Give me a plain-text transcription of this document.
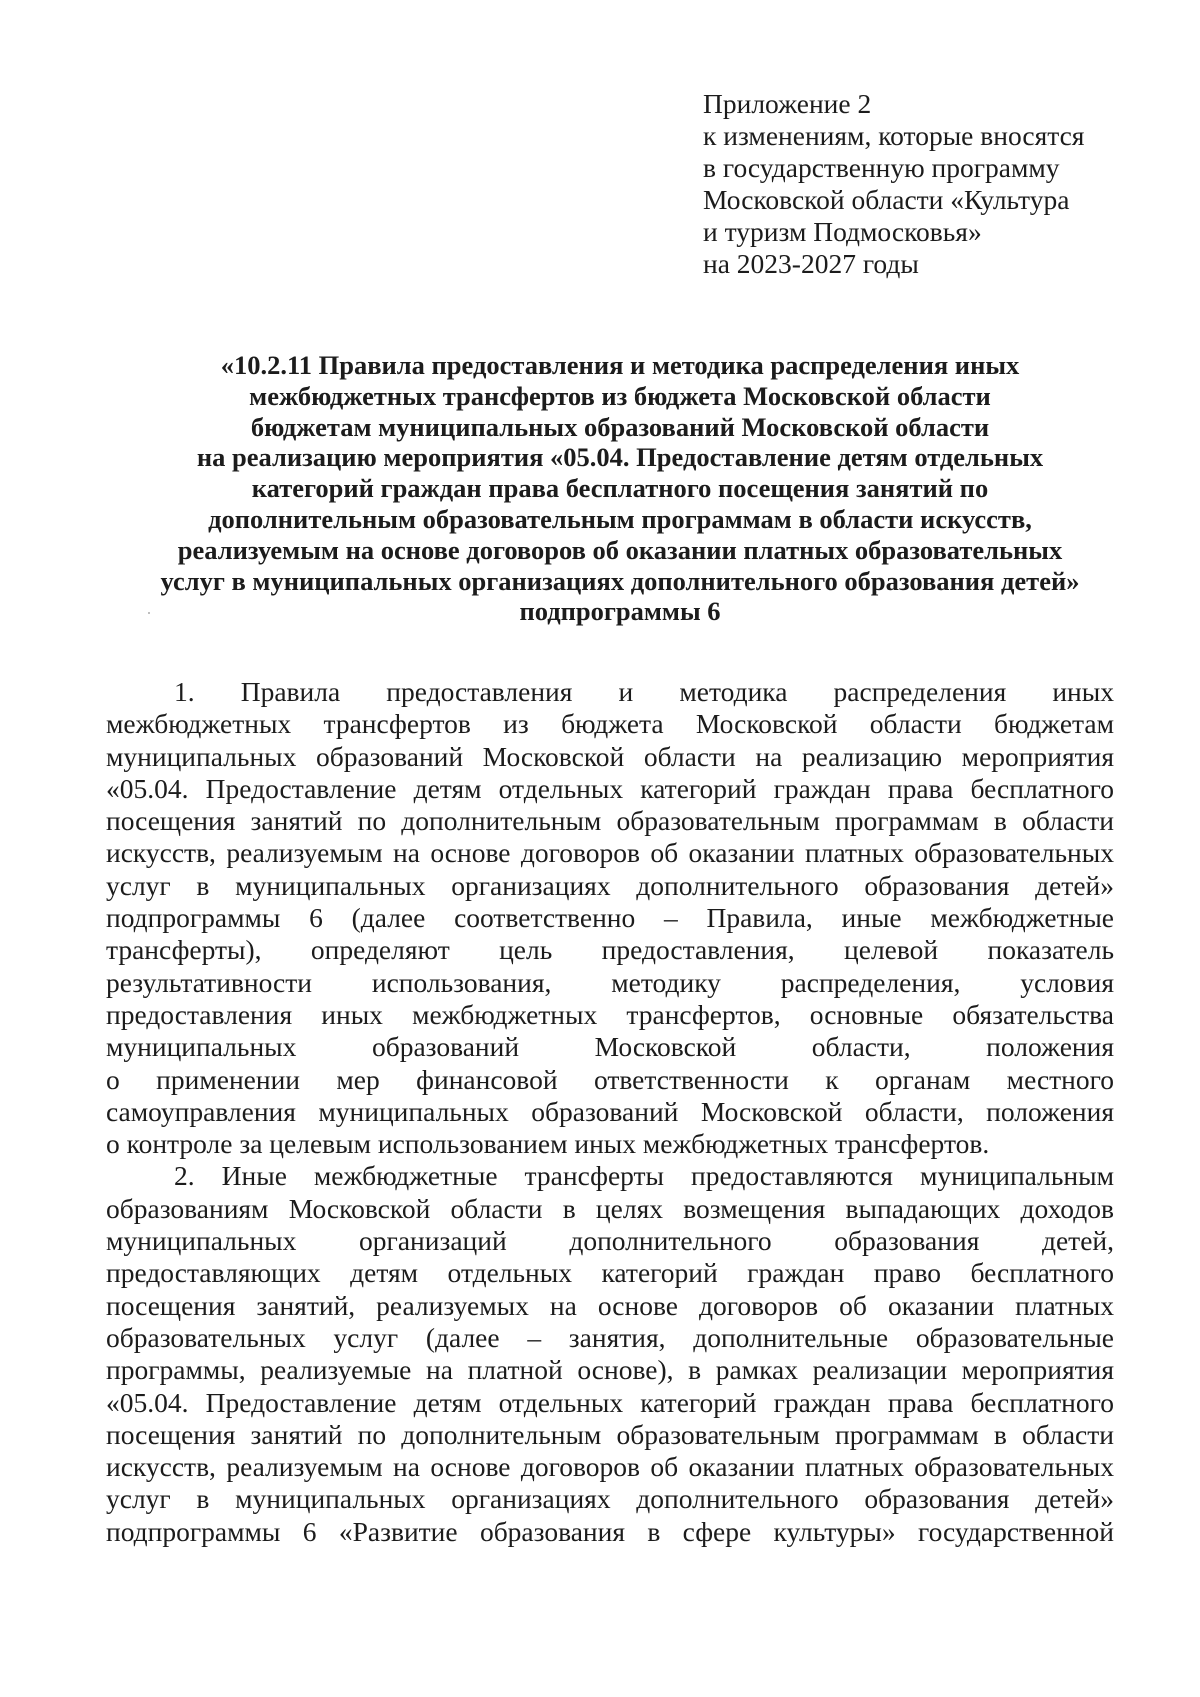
Приложение 2
к изменениям, которые вносятся
в государственную программу
Московской области «Культура
и туризм Подмосковья»
на 2023-2027 годы
«10.2.11 Правила предоставления и методика распределения иных
межбюджетных трансфертов из бюджета Московской области
бюджетам муниципальных образований Московской области
на реализацию мероприятия «05.04. Предоставление детям отдельных
категорий граждан права бесплатного посещения занятий по
дополнительным образовательным программам в области искусств,
реализуемым на основе договоров об оказании платных образовательных
услуг в муниципальных организациях дополнительного образования детей»
подпрограммы 6
1. Правила предоставления и методика распределения иных
межбюджетных трансфертов из бюджета Московской области бюджетам
муниципальных образований Московской области на реализацию мероприятия
«05.04. Предоставление детям отдельных категорий граждан права бесплатного
посещения занятий по дополнительным образовательным программам в области
искусств, реализуемым на основе договоров об оказании платных образовательных
услуг в муниципальных организациях дополнительного образования детей»
подпрограммы 6 (далее соответственно – Правила, иные межбюджетные
трансферты), определяют цель предоставления, целевой показатель
результативности использования, методику распределения, условия
предоставления иных межбюджетных трансфертов, основные обязательства
муниципальных образований Московской области, положения
о применении мер финансовой ответственности к органам местного
самоуправления муниципальных образований Московской области, положения
о контроле за целевым использованием иных межбюджетных трансфертов.
2. Иные межбюджетные трансферты предоставляются муниципальным
образованиям Московской области в целях возмещения выпадающих доходов
муниципальных организаций дополнительного образования детей,
предоставляющих детям отдельных категорий граждан право бесплатного
посещения занятий, реализуемых на основе договоров об оказании платных
образовательных услуг (далее – занятия, дополнительные образовательные
программы, реализуемые на платной основе), в рамках реализации мероприятия
«05.04. Предоставление детям отдельных категорий граждан права бесплатного
посещения занятий по дополнительным образовательным программам в области
искусств, реализуемым на основе договоров об оказании платных образовательных
услуг в муниципальных организациях дополнительного образования детей»
подпрограммы 6 «Развитие образования в сфере культуры» государственной
